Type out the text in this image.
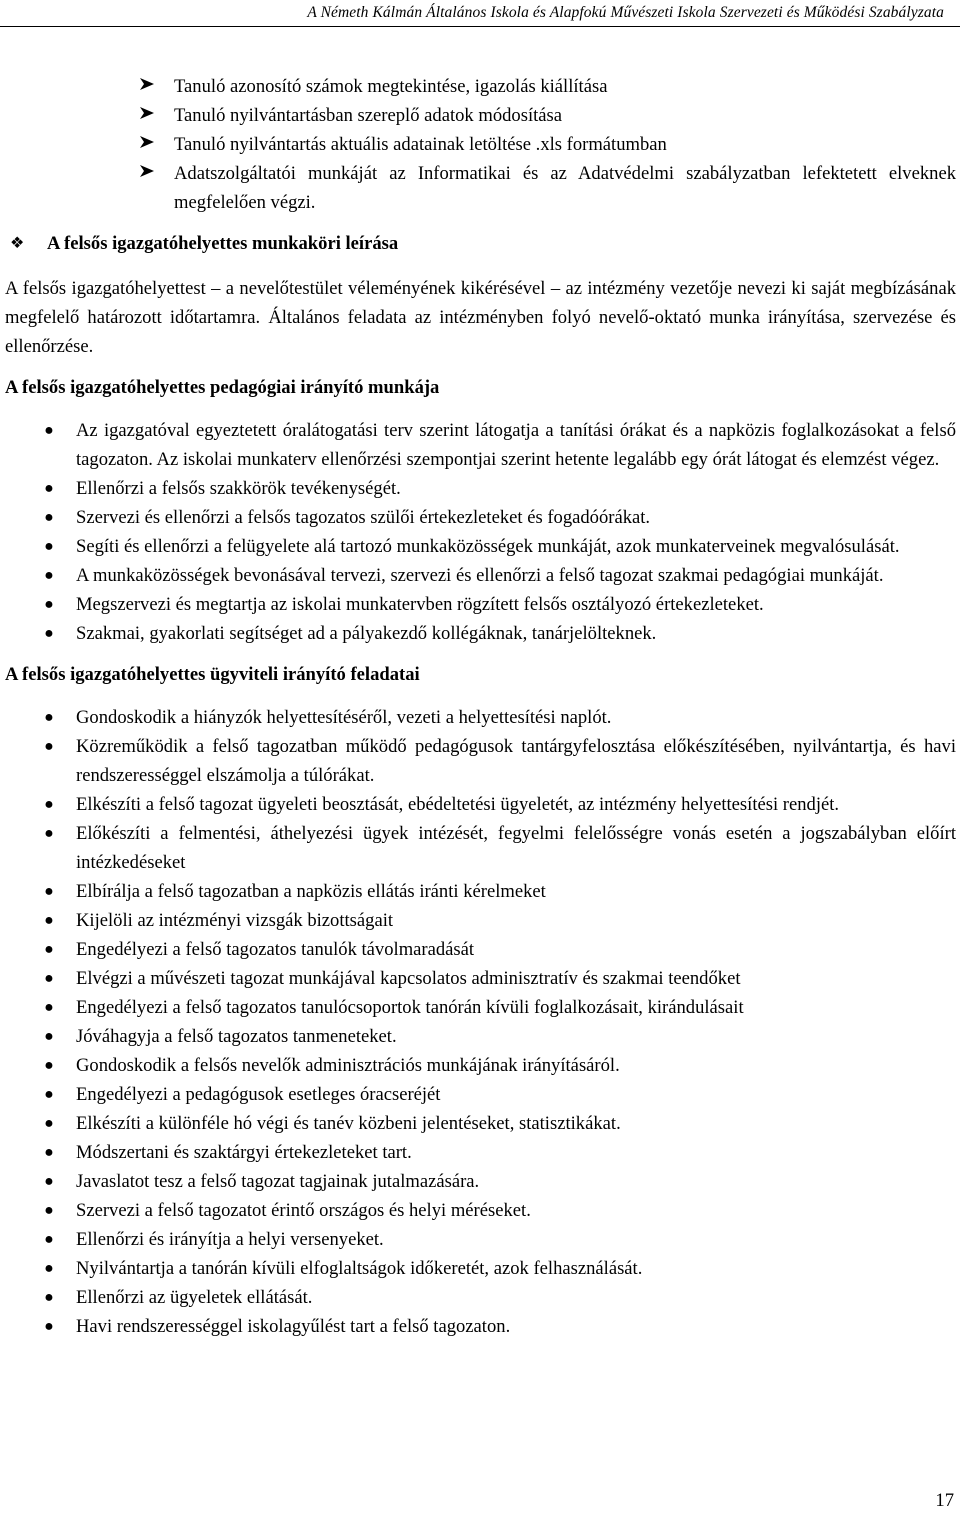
A Németh Kálmán Általános Iskola és Alapfokú Művészeti Iskola Szervezeti és Működési Szabályzata
Tanuló azonosító számok megtekintése, igazolás kiállítása
Tanuló nyilvántartásban szereplő adatok módosítása
Tanuló nyilvántartás aktuális adatainak letöltése .xls formátumban
Adatszolgáltatói munkáját az Informatikai és az Adatvédelmi szabályzatban lefektetett elveknek megfelelően végzi.
❖ A felsős igazgatóhelyettes munkaköri leírása

A felsős igazgatóhelyettest – a nevelőtestület véleményének kikérésével – az intézmény vezetője nevezi ki saját megbízásának megfelelő határozott időtartamra. Általános feladata az intézményben folyó nevelő-oktató munka irányítása, szervezése és ellenőrzése.

A felsős igazgatóhelyettes pedagógiai irányító munkája
● Az igazgatóval egyeztetett óralátogatási terv szerint látogatja a tanítási órákat és a napközis foglalkozásokat a felső tagozaton. Az iskolai munkaterv ellenőrzési szempontjai szerint hetente legalább egy órát látogat és elemzést végez.
● Ellenőrzi a felsős szakkörök tevékenységét.
● Szervezi és ellenőrzi a felsős tagozatos szülői értekezleteket és fogadóórákat.
● Segíti és ellenőrzi a felügyelete alá tartozó munkaközösségek munkáját, azok munkaterveinek megvalósulását.
● A munkaközösségek bevonásával tervezi, szervezi és ellenőrzi a felső tagozat szakmai pedagógiai munkáját.
● Megszervezi és megtartja az iskolai munkatervben rögzített felsős osztályozó értekezleteket.
● Szakmai, gyakorlati segítséget ad a pályakezdő kollégáknak, tanárjelölteknek.
A felsős igazgatóhelyettes ügyviteli irányító feladatai
● Gondoskodik a hiányzók helyettesítéséről, vezeti a helyettesítési naplót.
● Közreműködik a felső tagozatban működő pedagógusok tantárgyfelosztása előkészítésében, nyilvántartja, és havi rendszerességgel elszámolja a túlórákat.
● Elkészíti a felső tagozat ügyeleti beosztását, ebédeltetési ügyeletét, az intézmény helyettesítési rendjét.
● Előkészíti a felmentési, áthelyezési ügyek intézését, fegyelmi felelősségre vonás esetén a jogszabályban előírt intézkedéseket
● Elbírálja a felső tagozatban a napközis ellátás iránti kérelmeket
● Kijelöli az intézményi vizsgák bizottságait
● Engedélyezi a felső tagozatos tanulók távolmaradását
● Elvégzi a művészeti tagozat munkájával kapcsolatos adminisztratív és szakmai teendőket
● Engedélyezi a felső tagozatos tanulócsoportok tanórán kívüli foglalkozásait, kirándulásait
● Jóváhagyja a felső tagozatos tanmeneteket.
● Gondoskodik a felsős nevelők adminisztrációs munkájának irányításáról.
● Engedélyezi a pedagógusok esetleges óracseréjét
● Elkészíti a különféle hó végi és tanév közbeni jelentéseket, statisztikákat.
● Módszertani és szaktárgyi értekezleteket tart.
● Javaslatot tesz a felső tagozat tagjainak jutalmazására.
● Szervezi a felső tagozatot érintő országos és helyi méréseket.
● Ellenőrzi és irányítja a helyi versenyeket.
● Nyilvántartja a tanórán kívüli elfoglaltságok időkeretét, azok felhasználását.
● Ellenőrzi az ügyeletek ellátását.
● Havi rendszerességgel iskolagyűlést tart a felső tagozaton.
17
